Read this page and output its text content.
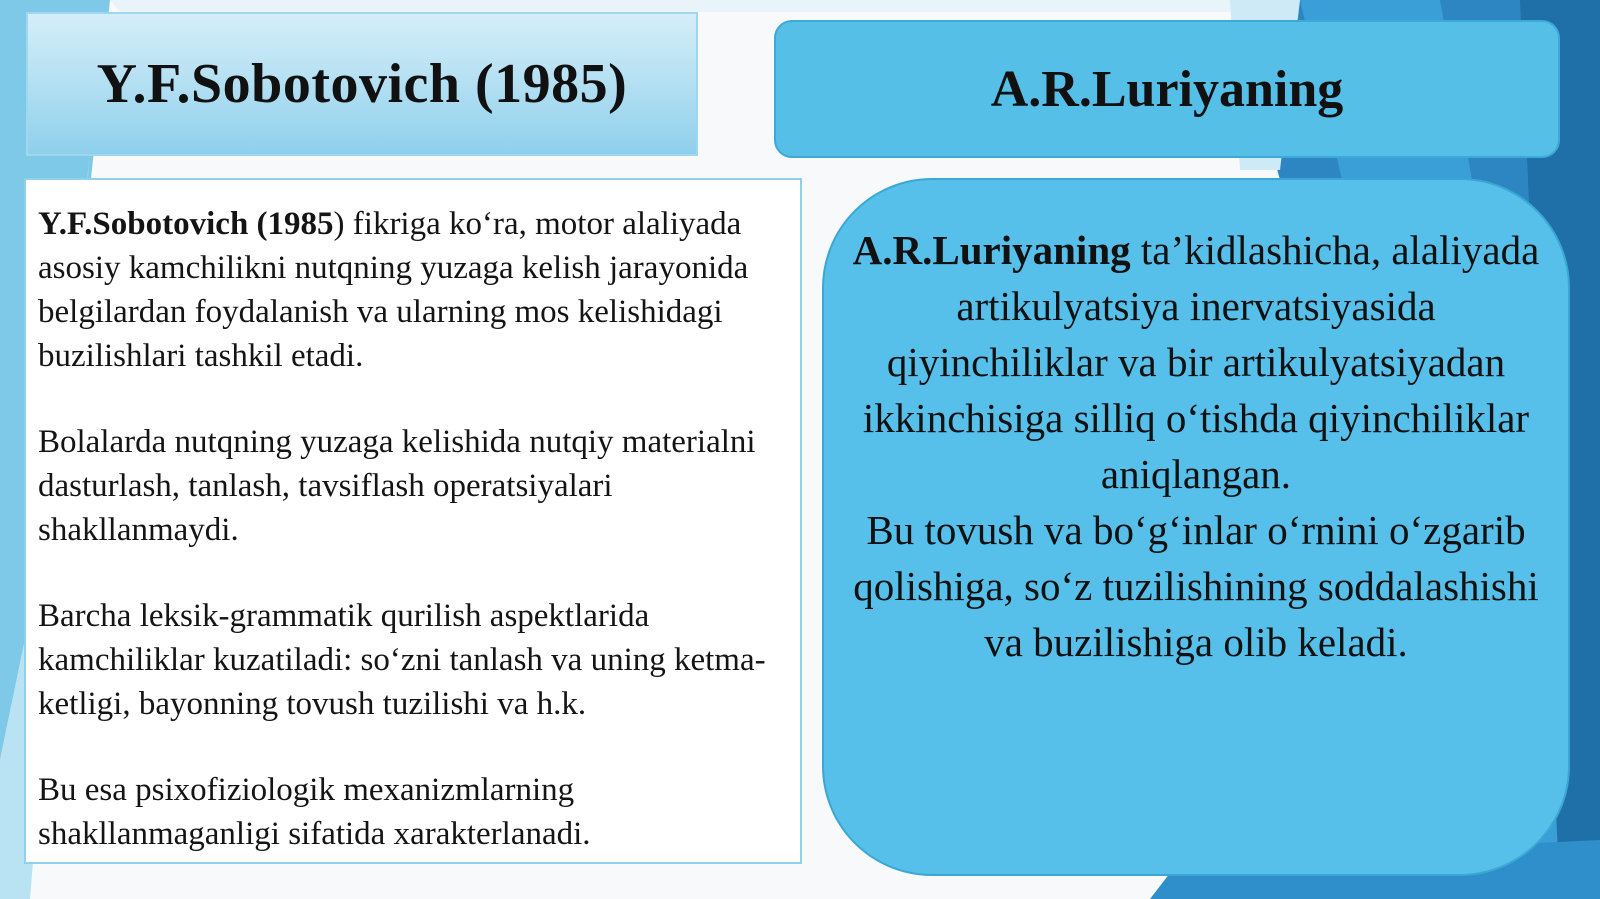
Y.F.Sobotovich (1985)	A.R.Luriyaning

Y.F.Sobotovich (1985) fikriga ko‘ra, motor alaliyada asosiy kamchilikni nutqning yuzaga kelish jarayonida belgilardan foydalanish va ularning mos kelishidagi buzilishlari tashkil etadi.

Bolalarda nutqning yuzaga kelishida nutqiy materialni dasturlash, tanlash, tavsiflash operatsiyalari shakllanmaydi.

Barcha leksik-grammatik qurilish aspektlarida kamchiliklar kuzatiladi: so‘zni tanlash va uning ketma-ketligi, bayonning tovush tuzilishi va h.k.

Bu esa psixofiziologik mexanizmlarning shakllanmaganligi sifatida xarakterlanadi.

A.R.Luriyaning ta’kidlashicha, alaliyada artikulyatsiya inervatsiyasida qiyinchiliklar va bir artikulyatsiyadan ikkinchisiga silliq o‘tishda qiyinchiliklar aniqlangan.

Bu tovush va bo‘g‘inlar o‘rnini o‘zgarib qolishiga, so‘z tuzilishining soddalashishi va buzilishiga olib keladi.
